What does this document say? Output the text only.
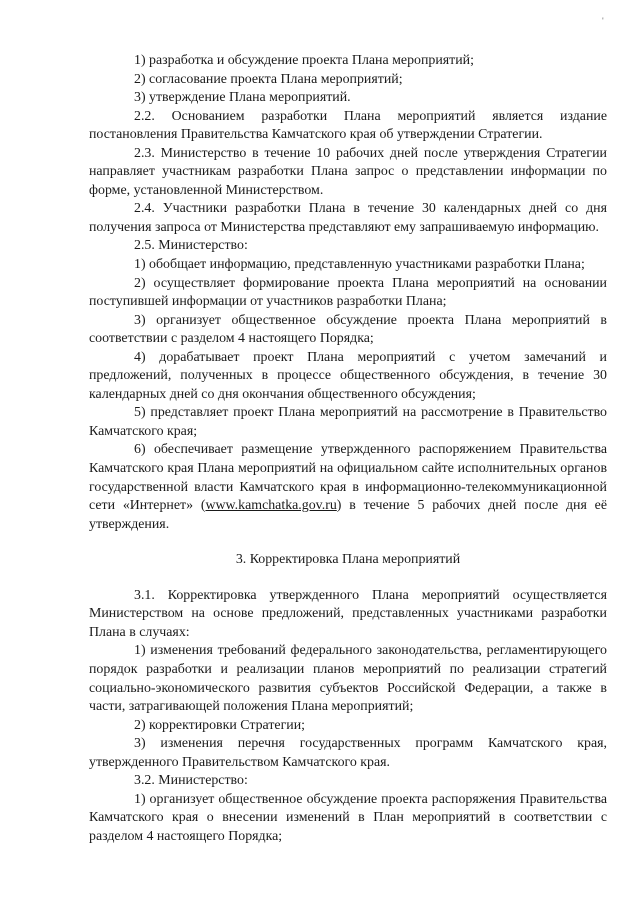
'

1) разработка и обсуждение проекта Плана мероприятий;

2) согласование проекта Плана мероприятий;

3) утверждение Плана мероприятий.

2.2. Основанием разработки Плана мероприятий является издание постановления Правительства Камчатского края об утверждении Стратегии.

2.3. Министерство в течение 10 рабочих дней после утверждения Стратегии направляет участникам разработки Плана запрос о представлении информации по форме, установленной Министерством.

2.4. Участники разработки Плана в течение 30 календарных дней со дня получения запроса от Министерства представляют ему запрашиваемую информацию.

2.5. Министерство:

1) обобщает информацию, представленную участниками разработки Плана;

2) осуществляет формирование проекта Плана мероприятий на основании поступившей информации от участников разработки Плана;

3) организует общественное обсуждение проекта Плана мероприятий в соответствии с разделом 4 настоящего Порядка;

4) дорабатывает проект Плана мероприятий с учетом замечаний и предложений, полученных в процессе общественного обсуждения, в течение 30 календарных дней со дня окончания общественного обсуждения;

5) представляет проект Плана мероприятий на рассмотрение в Правительство Камчатского края;

6) обеспечивает размещение утвержденного распоряжением Правительства Камчатского края Плана мероприятий на официальном сайте исполнительных органов государственной власти Камчатского края в информационно-телекоммуникационной сети «Интернет» (www.kamchatka.gov.ru) в течение 5 рабочих дней после дня её утверждения.

3. Корректировка Плана мероприятий

3.1. Корректировка утвержденного Плана мероприятий осуществляется Министерством на основе предложений, представленных участниками разработки Плана в случаях:

1) изменения требований федерального законодательства, регламентирующего порядок разработки и реализации планов мероприятий по реализации стратегий социально-экономического развития субъектов Российской Федерации, а также в части, затрагивающей положения Плана мероприятий;

2) корректировки Стратегии;

3) изменения перечня государственных программ Камчатского края, утвержденного Правительством Камчатского края.

3.2. Министерство:

1) организует общественное обсуждение проекта распоряжения Правительства Камчатского края о внесении изменений в План мероприятий в соответствии с разделом 4 настоящего Порядка;
